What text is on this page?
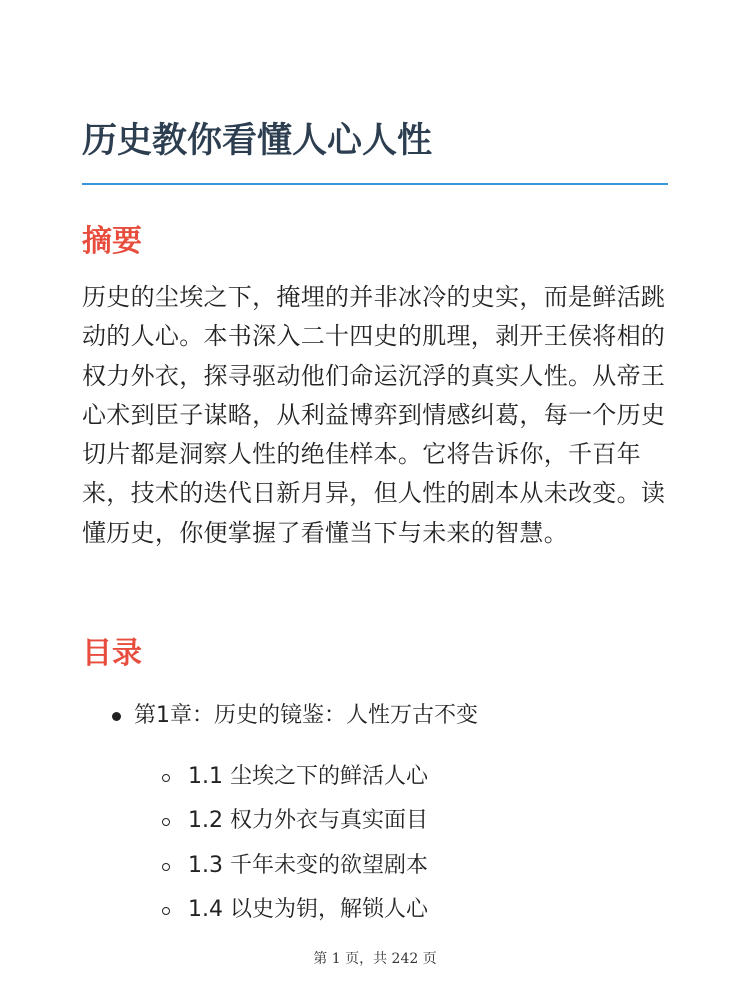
历史教你看懂人心人性
摘要

历史的尘埃之下，掩埋的并非冰冷的史实，而是鲜活跳动的人心。本书深入二十四史的肌理，剥开王侯将相的权力外衣，探寻驱动他们命运沉浮的真实人性。从帝王心术到臣子谋略，从利益博弈到情感纠葛，每一个历史切片都是洞察人性的绝佳样本。它将告诉你，千百年来，技术的迭代日新月异，但人性的剧本从未改变。读懂历史，你便掌握了看懂当下与未来的智慧。

目录
第1章：历史的镜鉴：人性万古不变
1.1 尘埃之下的鲜活人心
1.2 权力外衣与真实面目
1.3 千年未变的欲望剧本
1.4 以史为钥，解锁人心
第 1 页，共 242 页
